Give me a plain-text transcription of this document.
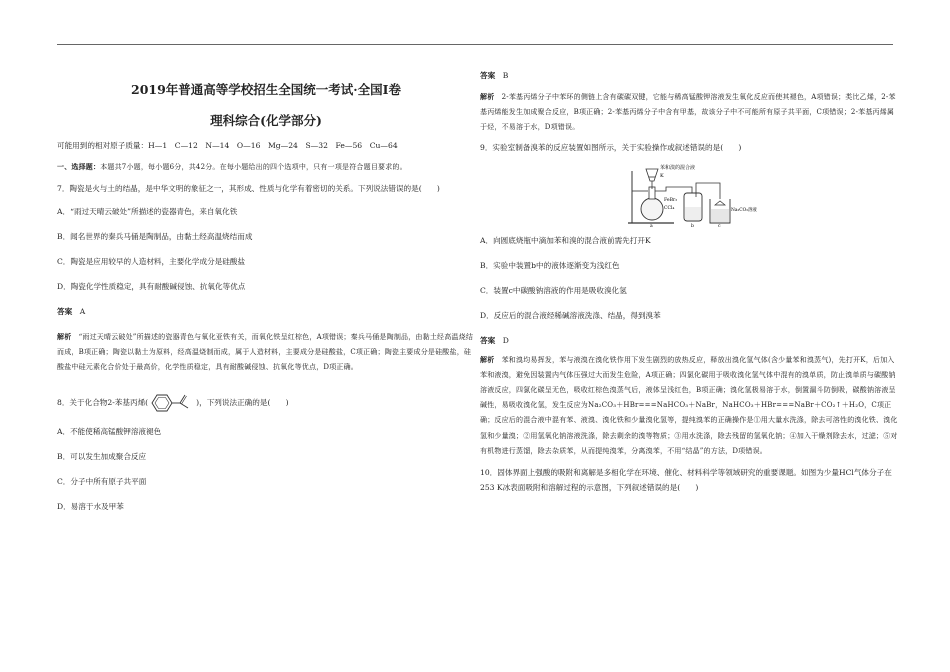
2019年普通高等学校招生全国统一考试·全国Ⅰ卷
理科综合(化学部分)

可能用到的相对原子质量：H—1　C—12　N—14　O—16　Mg—24　S—32　Fe—56　Cu—64

一、选择题：本题共7小题，每小题6分，共42分。在每小题给出的四个选项中，只有一项是符合题目要求的。

7．陶瓷是火与土的结晶，是中华文明的象征之一，其形成、性质与化学有着密切的关系。下列说法错误的是(　　)

A．“雨过天晴云破处”所描述的瓷器青色，来自氧化铁

B．闻名世界的秦兵马俑是陶制品，由黏土经高温烧结而成

C．陶瓷是应用较早的人造材料，主要化学成分是硅酸盐

D．陶瓷化学性质稳定，具有耐酸碱侵蚀、抗氧化等优点

答案　 A

解析　 “雨过天晴云破处”所描述的瓷器青色与氧化亚铁有关，而氧化铁呈红棕色，A项错误；秦兵马俑是陶制品，由黏土经高温烧结而成，B项正确；陶瓷以黏土为原料，经高温烧制而成，属于人造材料，主要成分是硅酸盐，C项正确；陶瓷主要成分是硅酸盐，硅酸盐中硅元素化合价处于最高价，化学性质稳定，具有耐酸碱侵蚀、抗氧化等优点，D项正确。

8．关于化合物2-苯基丙烯(	)，下列说法正确的是(　　)

A．不能使稀高锰酸钾溶液褪色

B．可以发生加成聚合反应

C．分子中所有原子共平面

D．易溶于水及甲苯

答案　 B

解析　 2-苯基丙烯分子中苯环的侧链上含有碳碳双键，它能与稀高锰酸钾溶液发生氧化反应而使其褪色，A项错误；类比乙烯，2-苯基丙烯能发生加成聚合反应，B项正确；2-苯基丙烯分子中含有甲基，故该分子中不可能所有原子共平面，C项错误；2-苯基丙烯属于烃，不易溶于水，D项错误。

9．实验室制备溴苯的反应装置如图所示，关于实验操作或叙述错误的是(　　)

苯和溴的混合液
K
FeBr₃
CCl₄	Na₂CO₃溶液
a	b	c

A．向圆底烧瓶中滴加苯和溴的混合液前需先打开K

B．实验中装置b中的液体逐渐变为浅红色

C．装置c中碳酸钠溶液的作用是吸收溴化氢

D．反应后的混合液经稀碱溶液洗涤、结晶，得到溴苯

答案　 D

解析　 苯和溴均易挥发，苯与液溴在溴化铁作用下发生剧烈的放热反应，释放出溴化氢气体(含少量苯和溴蒸气)，先打开K，后加入苯和液溴，避免因装置内气体压强过大而发生危险，A项正确；四氯化碳用于吸收溴化氢气体中混有的溴单质，防止溴单质与碳酸钠溶液反应，四氯化碳呈无色，吸收红棕色溴蒸气后，液体呈浅红色，B项正确；溴化氢极易溶于水，倒置漏斗防倒吸，碳酸钠溶液呈碱性，易吸收溴化氢，发生反应为Na₂CO₃＋HBr===NaHCO₃＋NaBr，NaHCO₃＋HBr===NaBr＋CO₂↑＋H₂O，C项正确；反应后的混合液中混有苯、液溴、溴化铁和少量溴化氢等，提纯溴苯的正确操作是①用大量水洗涤，除去可溶性的溴化铁、溴化氢和少量溴；②用氢氧化钠溶液洗涤，除去剩余的溴等物质；③用水洗涤，除去残留的氢氧化钠；④加入干燥剂除去水，过滤；⑤对有机物进行蒸馏，除去杂质苯，从而提纯溴苯，分离溴苯，不用“结晶”的方法，D项错误。

10．固体界面上强酸的吸附和离解是多相化学在环境、催化、材料科学等领域研究的重要课题。如图为少量HCl气体分子在253 K冰表面吸附和溶解过程的示意图，下列叙述错误的是(　　)
